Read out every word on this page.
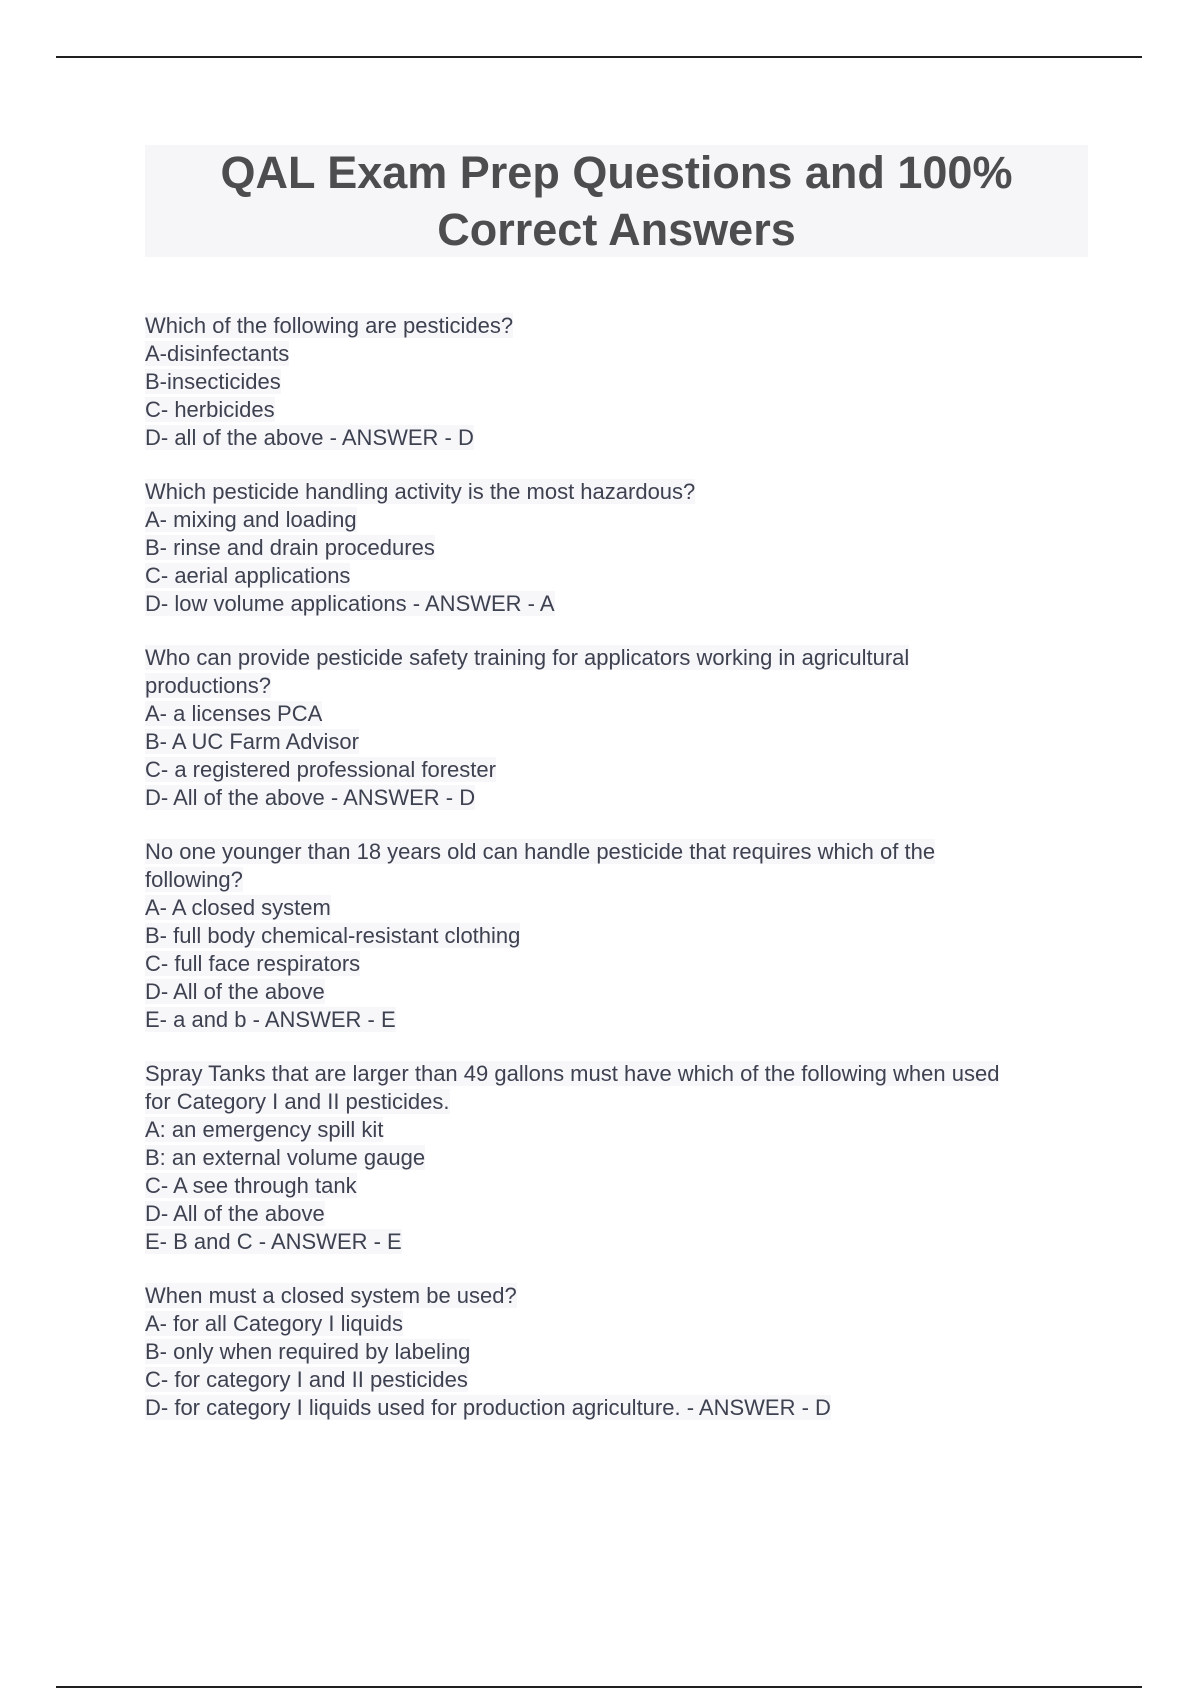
QAL Exam Prep Questions and 100% Correct Answers
Which of the following are pesticides?
A-disinfectants
B-insecticides
C- herbicides
D- all of the above - ANSWER - D
Which pesticide handling activity is the most hazardous?
A- mixing and loading
B- rinse and drain procedures
C- aerial applications
D- low volume applications - ANSWER - A
Who can provide pesticide safety training for applicators working in agricultural
productions?
A- a licenses PCA
B- A UC Farm Advisor
C- a registered professional forester
D- All of the above - ANSWER - D
No one younger than 18 years old can handle pesticide that requires which of the
following?
A- A closed system
B- full body chemical-resistant clothing
C- full face respirators
D- All of the above
E- a and b - ANSWER - E
Spray Tanks that are larger than 49 gallons must have which of the following when used
for Category I and II pesticides.
A: an emergency spill kit
B: an external volume gauge
C- A see through tank
D- All of the above
E- B and C - ANSWER - E
When must a closed system be used?
A- for all Category I liquids
B- only when required by labeling
C- for category I and II pesticides
D- for category I liquids used for production agriculture. - ANSWER - D
